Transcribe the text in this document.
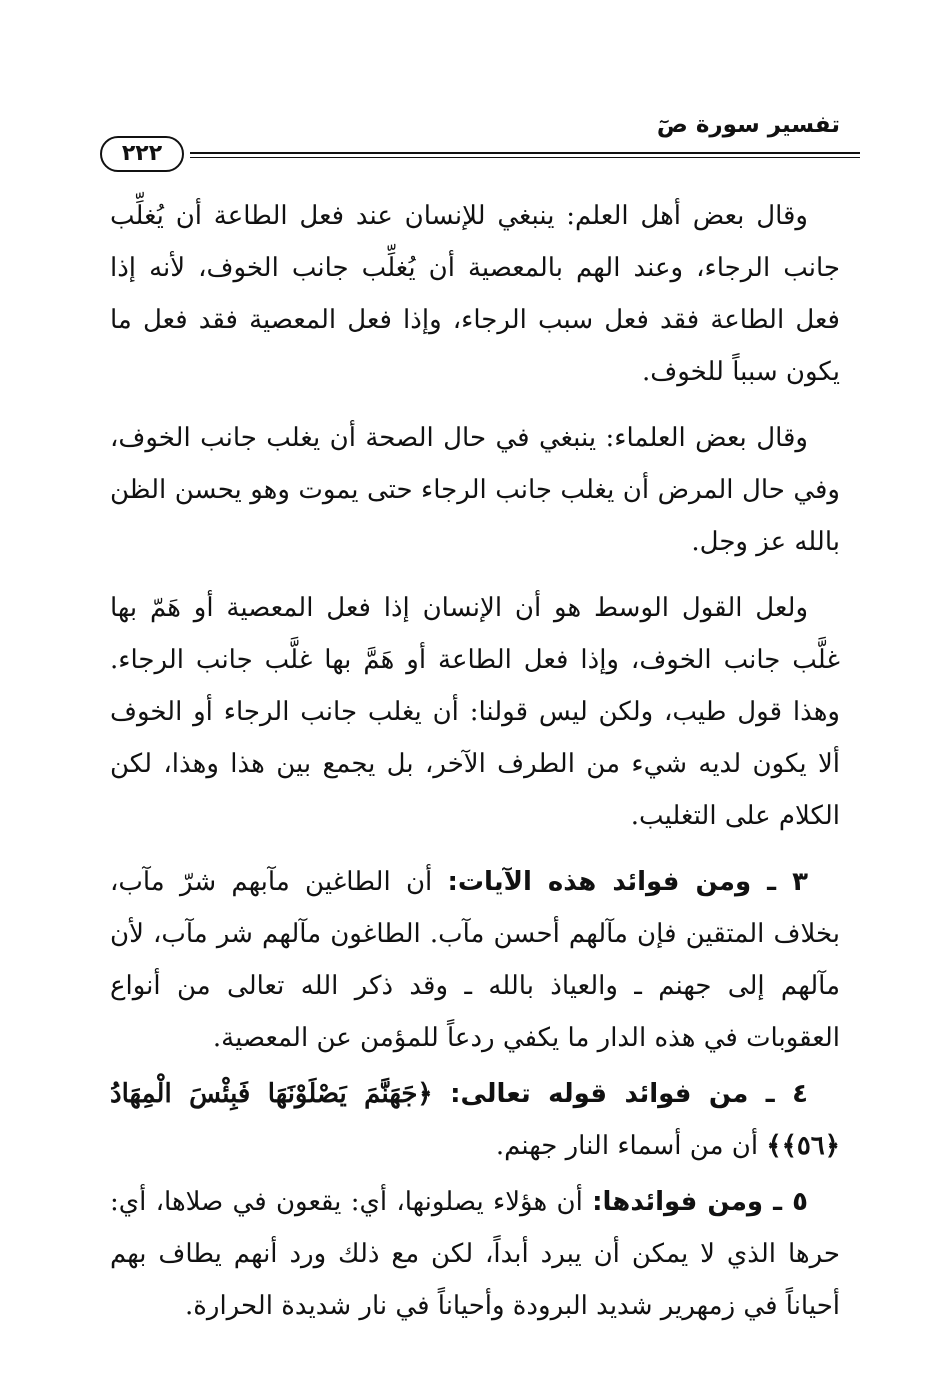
تفسير سورة صٓ
٢٢٢

وقال بعض أهل العلم: ينبغي للإنسان عند فعل الطاعة أن يُغلِّب جانب الرجاء، وعند الهم بالمعصية أن يُغلِّب جانب الخوف، لأنه إذا فعل الطاعة فقد فعل سبب الرجاء، وإذا فعل المعصية فقد فعل ما يكون سبباً للخوف.

وقال بعض العلماء: ينبغي في حال الصحة أن يغلب جانب الخوف، وفي حال المرض أن يغلب جانب الرجاء حتى يموت وهو يحسن الظن بالله عز وجل.

ولعل القول الوسط هو أن الإنسان إذا فعل المعصية أو هَمّ بها غلَّب جانب الخوف، وإذا فعل الطاعة أو هَمَّ بها غلَّب جانب الرجاء. وهذا قول طيب، ولكن ليس قولنا: أن يغلب جانب الرجاء أو الخوف ألا يكون لديه شيء من الطرف الآخر، بل يجمع بين هذا وهذا، لكن الكلام على التغليب.

٣ ـ ومن فوائد هذه الآيات: أن الطاغين مآبهم شرّ مآب، بخلاف المتقين فإن مآلهم أحسن مآب. الطاغون مآلهم شر مآب، لأن مآلهم إلى جهنم ـ والعياذ بالله ـ وقد ذكر الله تعالى من أنواع العقوبات في هذه الدار ما يكفي ردعاً للمؤمن عن المعصية.

٤ ـ من فوائد قوله تعالى: ﴿جَهَنَّمَ يَصْلَوْنَهَا فَبِئْسَ الْمِهَادُ ﴿٥٦﴾﴾ أن من أسماء النار جهنم.

٥ ـ ومن فوائدها: أن هؤلاء يصلونها، أي: يقعون في صلاها، أي: حرها الذي لا يمكن أن يبرد أبداً، لكن مع ذلك ورد أنهم يطاف بهم أحياناً في زمهرير شديد البرودة وأحياناً في نار شديدة الحرارة.
